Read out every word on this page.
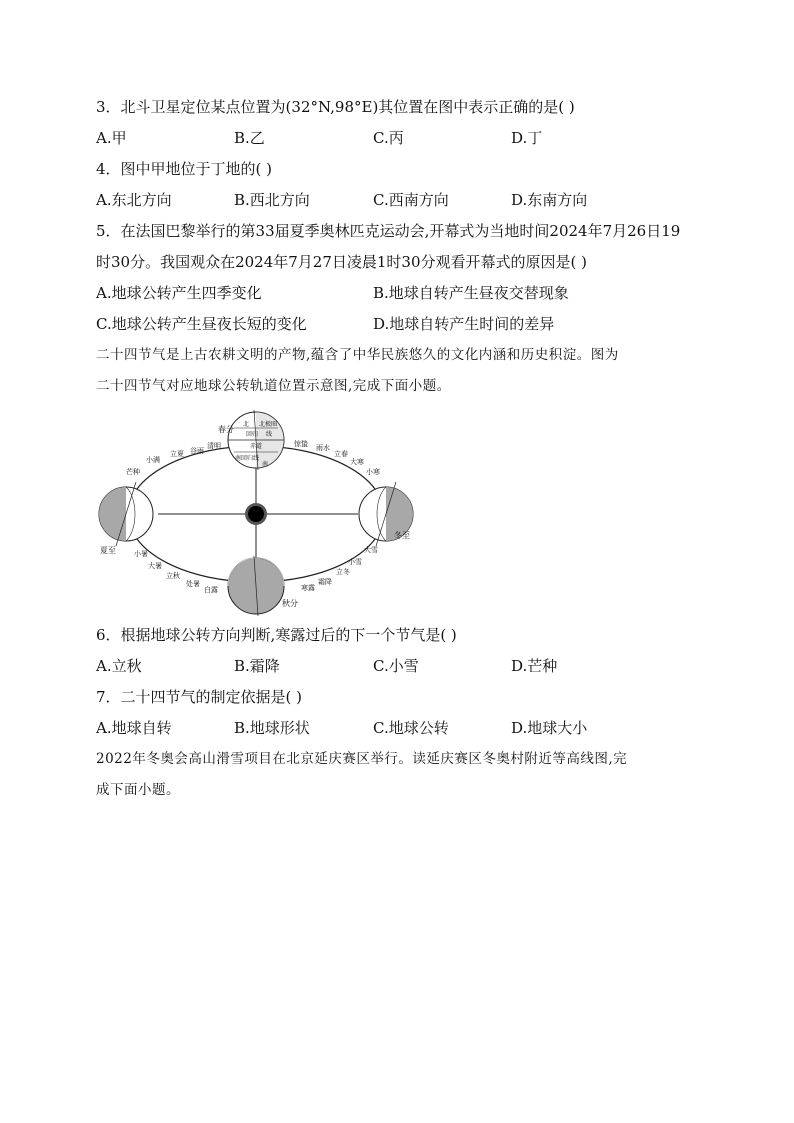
3．北斗卫星定位某点位置为(32°N,98°E)其位置在图中表示正确的是( )
A.甲	B.乙	C.丙	D.丁
4．图中甲地位于丁地的( )
A.东北方向	B.西北方向	C.西南方向	D.东南方向
5．在法国巴黎举行的第33届夏季奥林匹克运动会,开幕式为当地时间2024年7月26日19
时30分。我国观众在2024年7月27日凌晨1时30分观看开幕式的原因是( )
A.地球公转产生四季变化	B.地球自转产生昼夜交替现象
C.地球公转产生昼夜长短的变化	D.地球自转产生时间的差异
二十四节气是上古农耕文明的产物,蕴含了中华民族悠久的文化内涵和历史积淀。图为
二十四节气对应地球公转轨道位置示意图,完成下面小题。
北 北极圈
回归 线
赤道
南回归线
南
春分
清明
谷雨
立夏
小满
芒种
夏至	小暑
大暑
立秋
处暑
白露
秋分
寒露
霜降
立冬
小雪
大雪
冬至
小寒
大寒
立春
雨水
惊蛰
6．根据地球公转方向判断,寒露过后的下一个节气是( )
A.立秋	B.霜降	C.小雪	D.芒种
7．二十四节气的制定依据是( )
A.地球自转	B.地球形状	C.地球公转	D.地球大小
2022年冬奥会高山滑雪项目在北京延庆赛区举行。读延庆赛区冬奥村附近等高线图,完
成下面小题。
